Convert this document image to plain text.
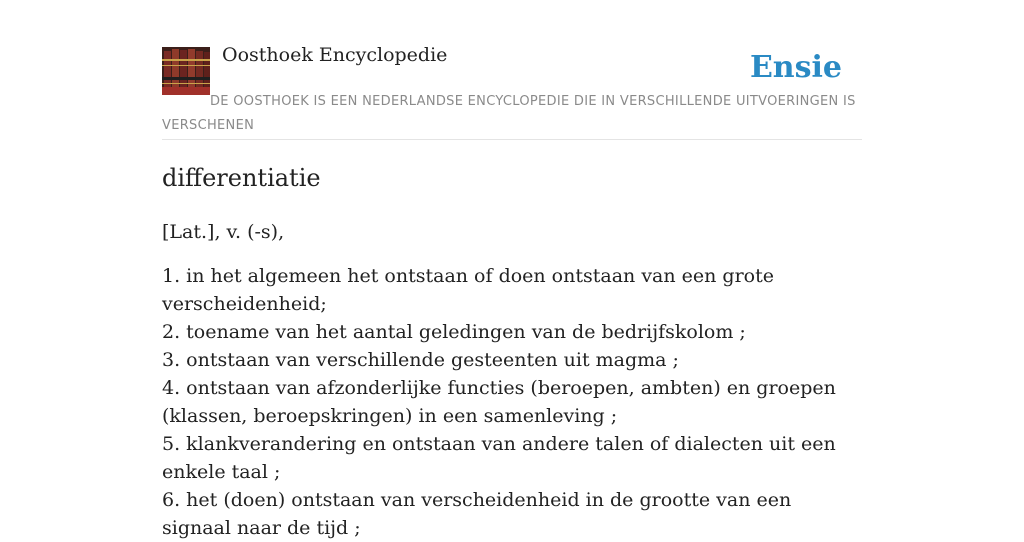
Oosthoek Encyclopedie	Ensie
DE OOSTHOEK IS EEN NEDERLANDSE ENCYCLOPEDIE DIE IN VERSCHILLENDE UITVOERINGEN IS VERSCHENEN
differentiatie

[Lat.], v. (-s),

1. in het algemeen het ontstaan of doen ontstaan van een grote verscheidenheid;
2. toename van het aantal geledingen van de bedrijfskolom ;
3. ontstaan van verschillende gesteenten uit magma ;
4. ontstaan van afzonderlijke functies (beroepen, ambten) en groepen (klassen, beroepskringen) in een samenleving ;
5. klankverandering en ontstaan van andere talen of dialecten uit een enkele taal ;
6. het (doen) ontstaan van verscheidenheid in de grootte van een signaal naar de tijd ;
